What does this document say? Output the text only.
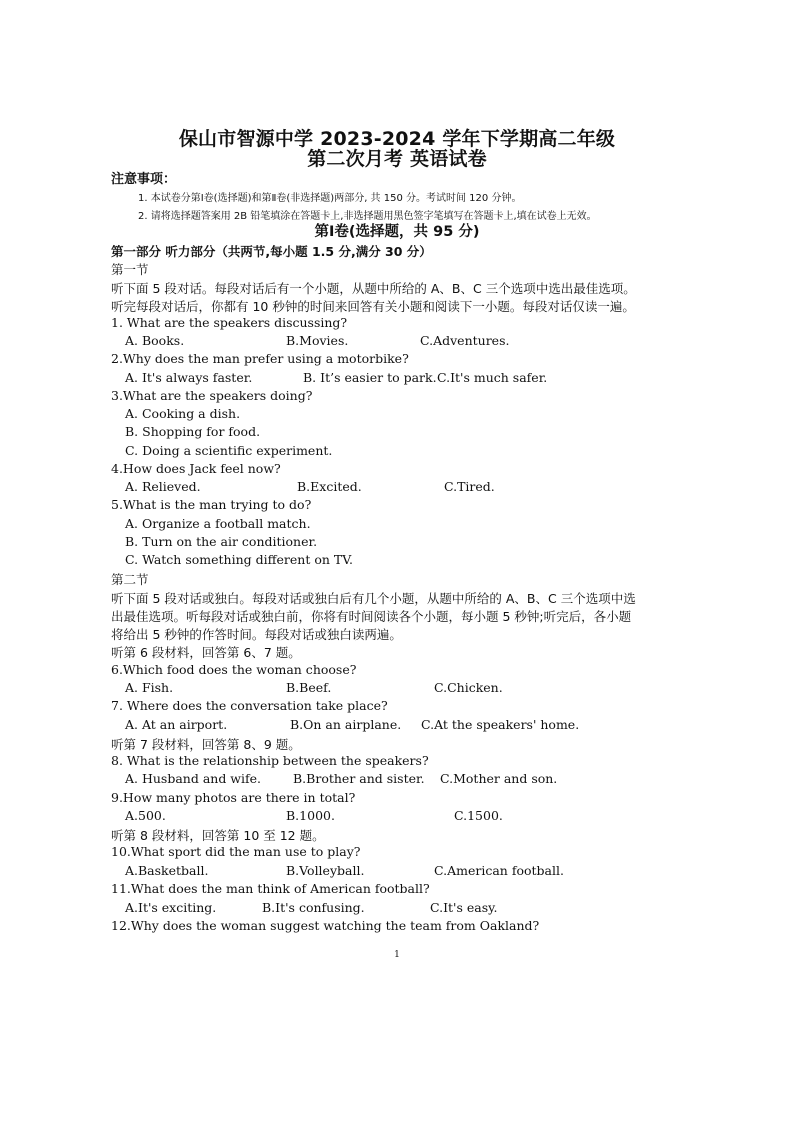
保山市智源中学 2023-2024 学年下学期高二年级
第二次月考 英语试卷
注意事项：
1. 本试卷分第Ⅰ卷(选择题)和第Ⅱ卷(非选择题)两部分, 共 150 分。考试时间 120 分钟。
2. 请将选择题答案用 2B 铅笔填涂在答题卡上,非选择题用黑色签字笔填写在答题卡上,填在试卷上无效。
第Ⅰ卷(选择题，共 95 分)
第一部分 听力部分（共两节,每小题 1.5 分,满分 30 分）
第一节
听下面 5 段对话。每段对话后有一个小题，从题中所给的 A、B、C 三个选项中选出最佳选项。
听完每段对话后，你都有 10 秒钟的时间来回答有关小题和阅读下一小题。每段对话仅读一遍。
1. What are the speakers discussing?
A. Books.	B.Movies.	C.Adventures.
2.Why does the man prefer using a motorbike?
A. It's always faster.	B. It’s easier to park. C.It's much safer.
3.What are the speakers doing?
A. Cooking a dish.
B. Shopping for food.
C. Doing a scientific experiment.
4.How does Jack feel now?
A. Relieved.	B.Excited.	C.Tired.
5.What is the man trying to do?
A. Organize a football match.
B. Turn on the air conditioner.
C. Watch something different on TV.
第二节
听下面 5 段对话或独白。每段对话或独白后有几个小题，从题中所给的 A、B、C 三个选项中选
出最佳选项。听每段对话或独白前，你将有时间阅读各个小题，每小题 5 秒钟;听完后，各小题
将给出 5 秒钟的作答时间。每段对话或独白读两遍。
听第 6 段材料，回答第 6、7 题。
6.Which food does the woman choose?
A. Fish.	B.Beef.	C.Chicken.
7. Where does the conversation take place?
A. At an airport.	B.On an airplane. C.At the speakers' home.
听第 7 段材料，回答第 8、9 题。
8. What is the relationship between the speakers?
A. Husband and wife.	B.Brother and sister. C.Mother and son.
9.How many photos are there in total?
A.500.	B.1000.	C.1500.
听第 8 段材料，回答第 10 至 12 题。
10.What sport did the man use to play?
A.Basketball.	B.Volleyball.	C.American football.
11.What does the man think of American football?
A.It's exciting.	B.It's confusing.	C.It's easy.
12.Why does the woman suggest watching the team from Oakland?
1
